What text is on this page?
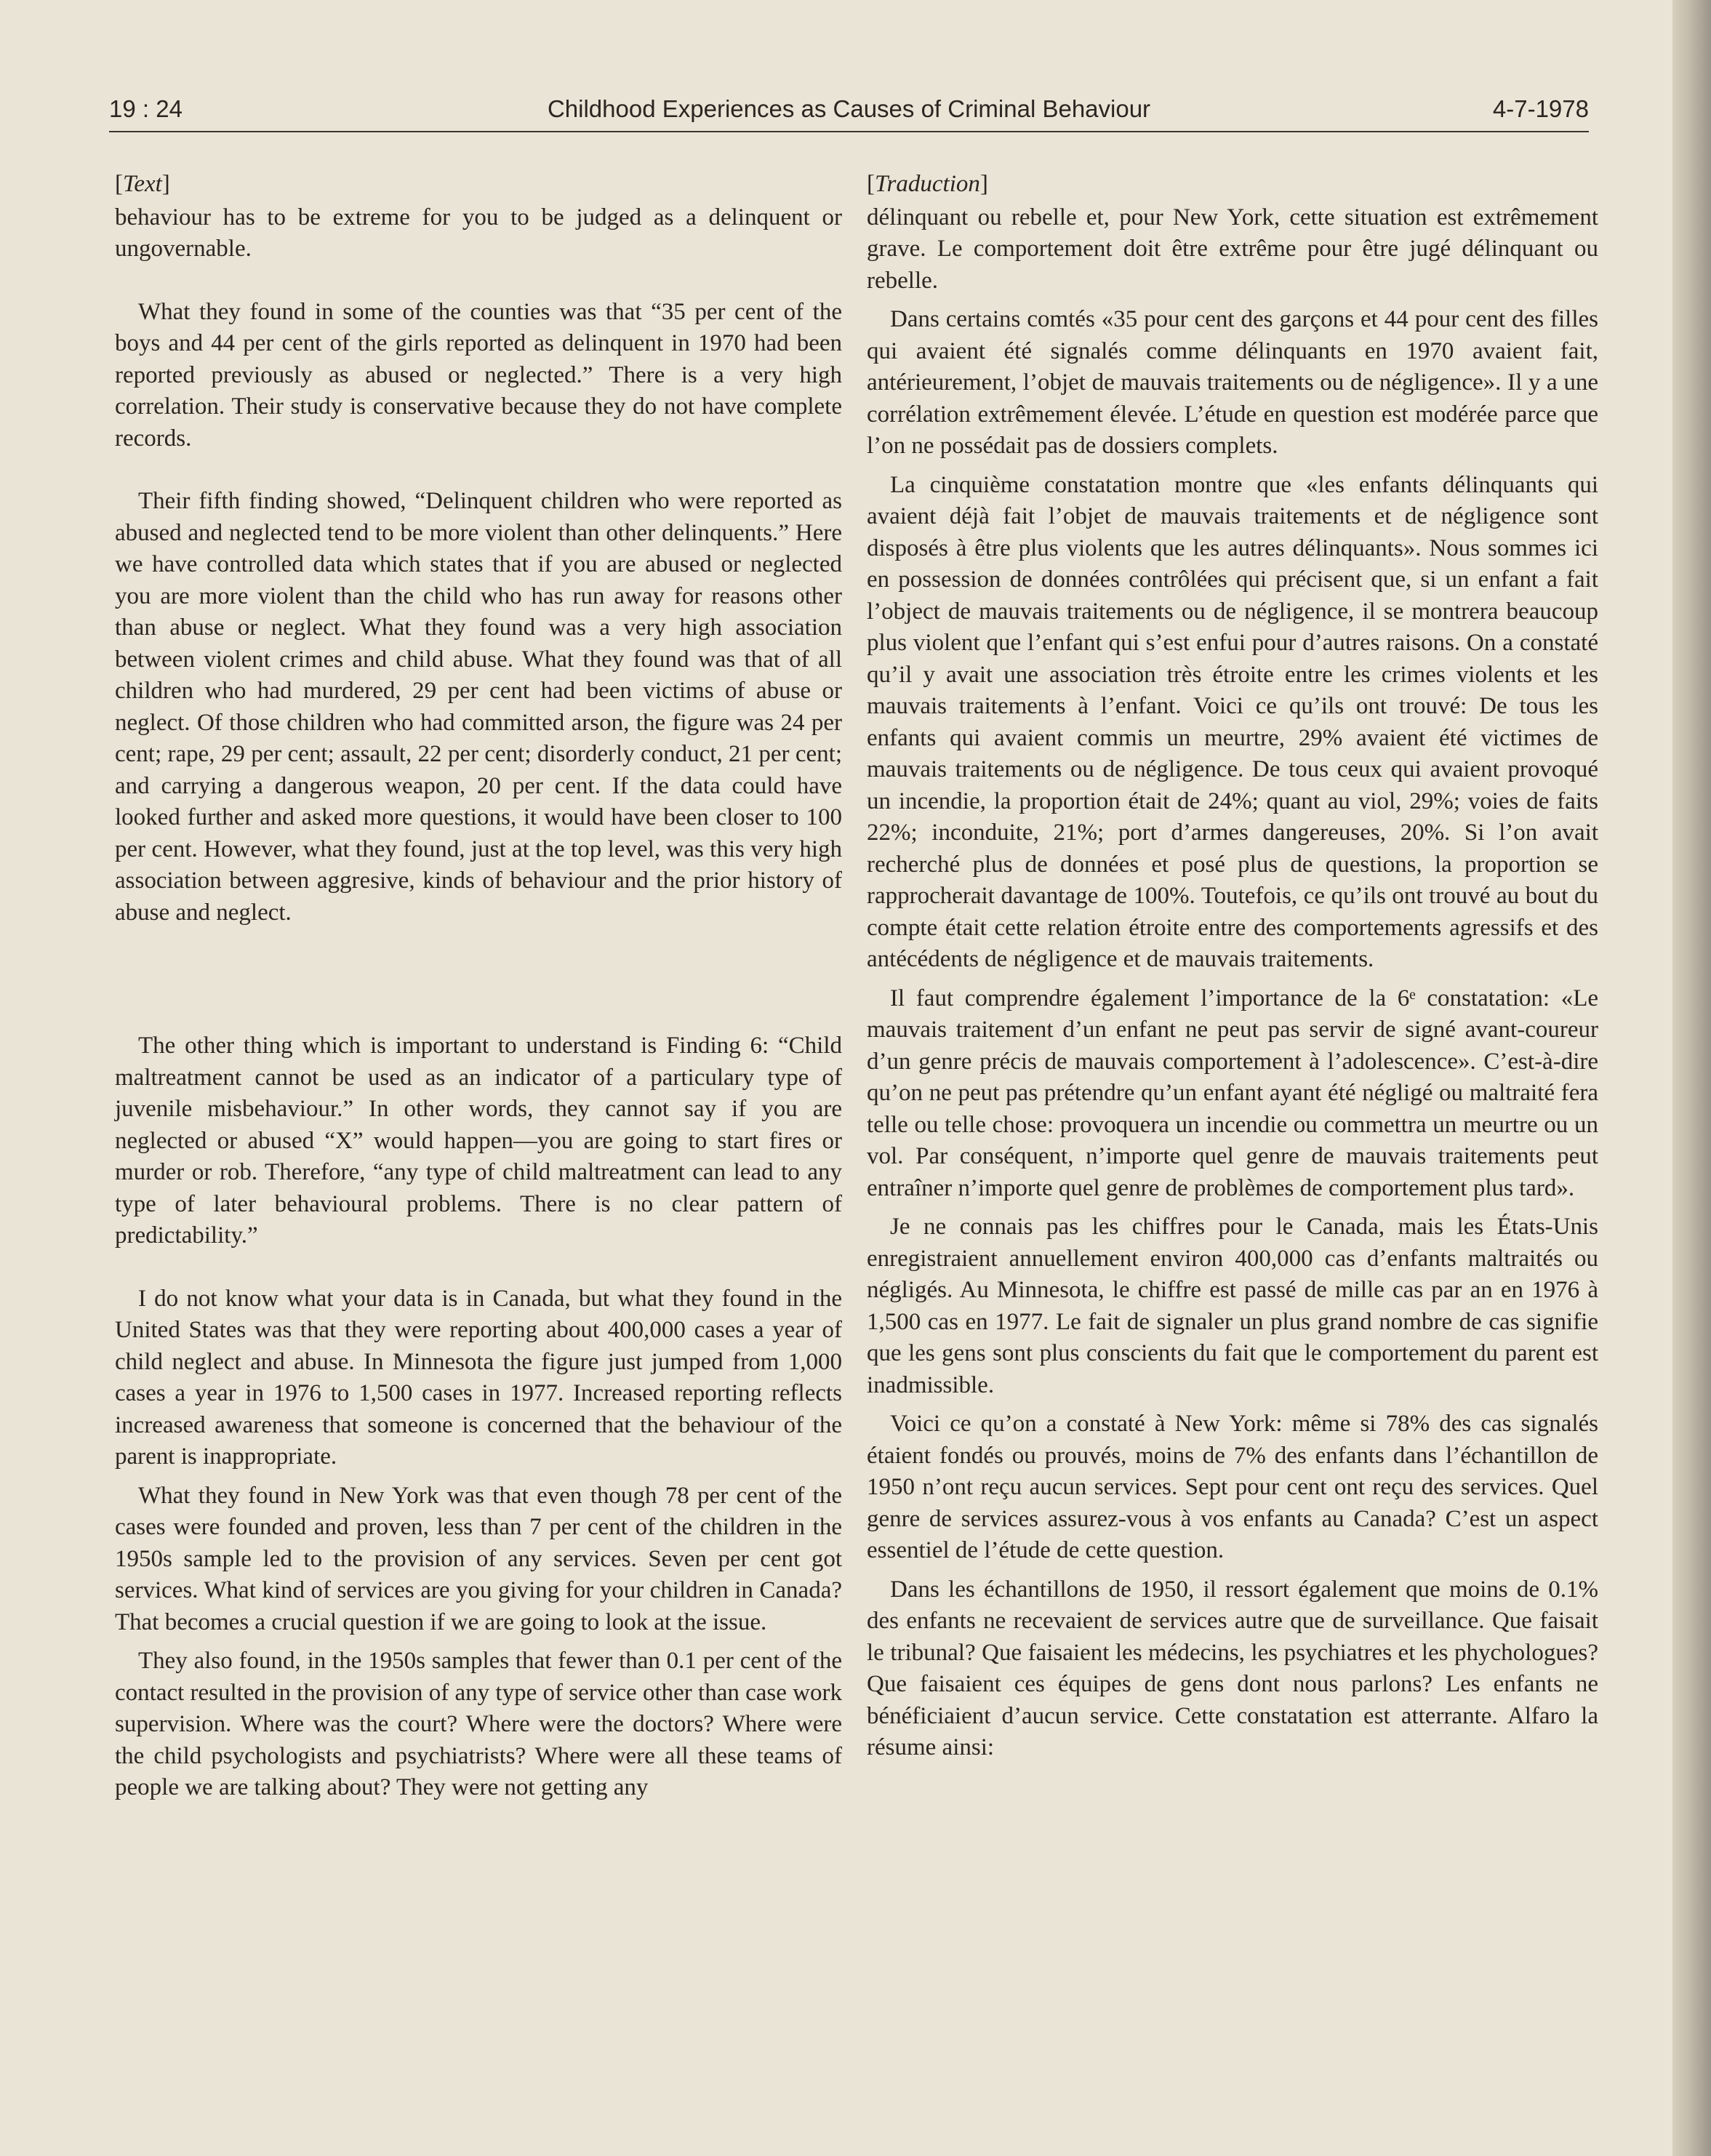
19 : 24	Childhood Experiences as Causes of Criminal Behaviour	4-7-1978
[ Text ]

behaviour has to be extreme for you to be judged as a delinquent or ungovernable.

What they found in some of the counties was that “35 per cent of the boys and 44 per cent of the girls reported as delinquent in 1970 had been reported previously as abused or neglected.” There is a very high correlation. Their study is conservative because they do not have complete records.

Their fifth finding showed, “Delinquent children who were reported as abused and neglected tend to be more violent than other delinquents.” Here we have controlled data which states that if you are abused or neglected you are more violent than the child who has run away for reasons other than abuse or neglect. What they found was a very high association between violent crimes and child abuse. What they found was that of all children who had murdered, 29 per cent had been victims of abuse or neglect. Of those children who had committed arson, the figure was 24 per cent; rape, 29 per cent; assault, 22 per cent; disorderly conduct, 21 per cent; and carrying a dangerous weapon, 20 per cent. If the data could have looked further and asked more questions, it would have been closer to 100 per cent. However, what they found, just at the top level, was this very high association between aggresive, kinds of behaviour and the prior history of abuse and neglect.

The other thing which is important to understand is Finding 6: “Child maltreatment cannot be used as an indicator of a particulary type of juvenile misbehaviour.” In other words, they cannot say if you are neglected or abused “X” would happen—you are going to start fires or murder or rob. Therefore, “any type of child maltreatment can lead to any type of later behavioural problems. There is no clear pattern of predictability.”

I do not know what your data is in Canada, but what they found in the United States was that they were reporting about 400,000 cases a year of child neglect and abuse. In Minnesota the figure just jumped from 1,000 cases a year in 1976 to 1,500 cases in 1977. Increased reporting reflects increased awareness that someone is concerned that the behaviour of the parent is inappropriate.

What they found in New York was that even though 78 per cent of the cases were founded and proven, less than 7 per cent of the children in the 1950s sample led to the provision of any services. Seven per cent got services. What kind of services are you giving for your children in Canada? That becomes a crucial question if we are going to look at the issue.

They also found, in the 1950s samples that fewer than 0.1 per cent of the contact resulted in the provision of any type of service other than case work supervision. Where was the court? Where were the doctors? Where were the child psychologists and psychiatrists? Where were all these teams of people we are talking about? They were not getting any

[ Traduction ]

délinquant ou rebelle et, pour New York, cette situation est extrêmement grave. Le comportement doit être extrême pour être jugé délinquant ou rebelle.

Dans certains comtés «35 pour cent des garçons et 44 pour cent des filles qui avaient été signalés comme délinquants en 1970 avaient fait, antérieurement, l’objet de mauvais traitements ou de négligence». Il y a une corrélation extrêmement élevée. L’étude en question est modérée parce que l’on ne possédait pas de dossiers complets.

La cinquième constatation montre que «les enfants délinquants qui avaient déjà fait l’objet de mauvais traitements et de négligence sont disposés à être plus violents que les autres délinquants». Nous sommes ici en possession de données contrôlées qui précisent que, si un enfant a fait l’object de mauvais traitements ou de négligence, il se montrera beaucoup plus violent que l’enfant qui s’est enfui pour d’autres raisons. On a constaté qu’il y avait une association très étroite entre les crimes violents et les mauvais traitements à l’enfant. Voici ce qu’ils ont trouvé: De tous les enfants qui avaient commis un meurtre, 29% avaient été victimes de mauvais traitements ou de négligence. De tous ceux qui avaient provoqué un incendie, la proportion était de 24%; quant au viol, 29%; voies de faits 22%; inconduite, 21%; port d’armes dangereuses, 20%. Si l’on avait recherché plus de données et posé plus de questions, la proportion se rapprocherait davantage de 100%. Toutefois, ce qu’ils ont trouvé au bout du compte était cette relation étroite entre des comportements agressifs et des antécédents de négligence et de mauvais traitements.

Il faut comprendre également l’importance de la 6ᵉ constatation: «Le mauvais traitement d’un enfant ne peut pas servir de signé avant-coureur d’un genre précis de mauvais comportement à l’adolescence». C’est-à-dire qu’on ne peut pas prétendre qu’un enfant ayant été négligé ou maltraité fera telle ou telle chose: provoquera un incendie ou commettra un meurtre ou un vol. Par conséquent, n’importe quel genre de mauvais traitements peut entraîner n’importe quel genre de problèmes de comportement plus tard».

Je ne connais pas les chiffres pour le Canada, mais les États-Unis enregistraient annuellement environ 400,000 cas d’enfants maltraités ou négligés. Au Minnesota, le chiffre est passé de mille cas par an en 1976 à 1,500 cas en 1977. Le fait de signaler un plus grand nombre de cas signifie que les gens sont plus conscients du fait que le comportement du parent est inadmissible.

Voici ce qu’on a constaté à New York: même si 78% des cas signalés étaient fondés ou prouvés, moins de 7% des enfants dans l’échantillon de 1950 n’ont reçu aucun services. Sept pour cent ont reçu des services. Quel genre de services assurez-vous à vos enfants au Canada? C’est un aspect essentiel de l’étude de cette question.

Dans les échantillons de 1950, il ressort également que moins de 0.1% des enfants ne recevaient de services autre que de surveillance. Que faisait le tribunal? Que faisaient les médecins, les psychiatres et les phychologues? Que faisaient ces équipes de gens dont nous parlons? Les enfants ne bénéficiaient d’aucun service. Cette constatation est atterrante. Alfaro la résume ainsi:
